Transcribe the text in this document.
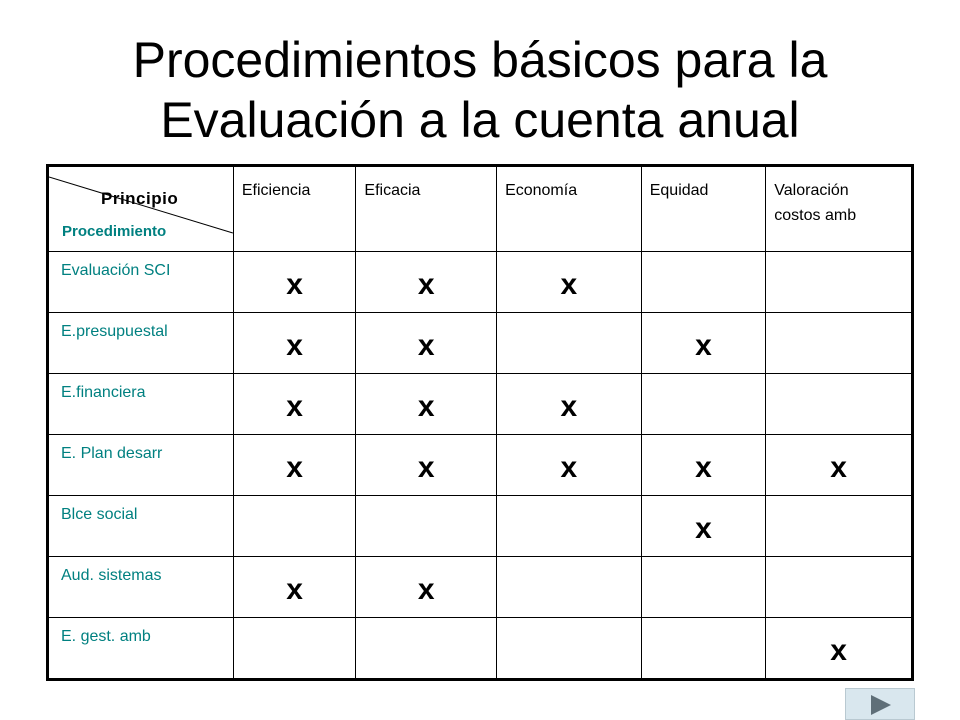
Procedimientos básicos para la
Evaluación a la cuenta anual
Principio
Procedimiento	Eficiencia	Eficacia	Economía	Equidad	Valoración costos amb

Evaluación SCI	x	x	x		

E.presupuestal	x	x		x	

E.financiera	x	x	x		

E. Plan desarr	x	x	x	x	x

Blce social				x	

Aud. sistemas	x	x			

E. gest. amb					x
